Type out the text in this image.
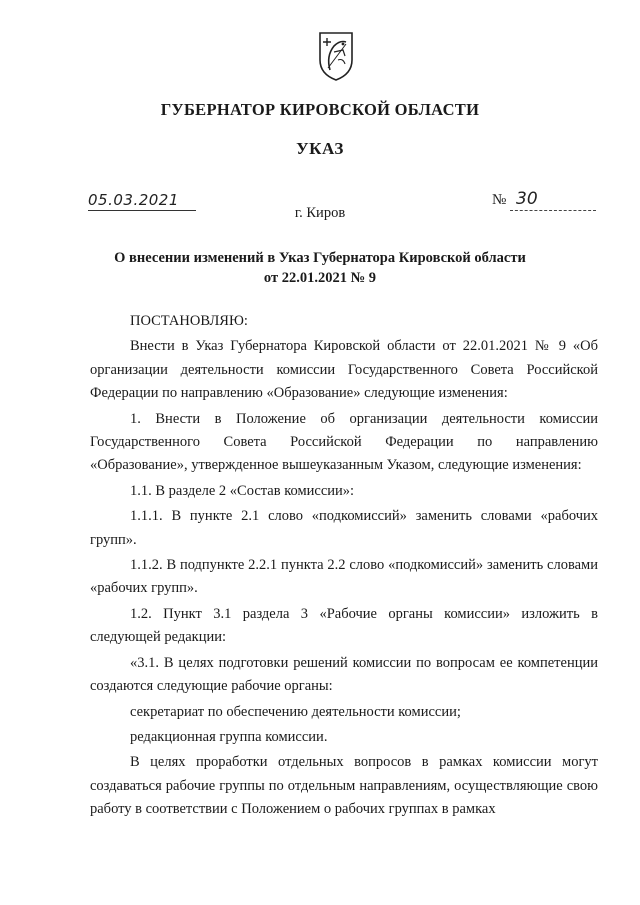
ГУБЕРНАТОР КИРОВСКОЙ ОБЛАСТИ
УКАЗ
05.03.2021	№ 30
г. Киров
О внесении изменений в Указ Губернатора Кировской области
от 22.01.2021 № 9

ПОСТАНОВЛЯЮ:

Внести в Указ Губернатора Кировской области от 22.01.2021 № 9 «Об организации деятельности комиссии Государственного Совета Российской Федерации по направлению «Образование» следующие изменения:

1. Внести в Положение об организации деятельности комиссии Государственного Совета Российской Федерации по направлению «Образование», утвержденное вышеуказанным Указом, следующие изменения:

1.1. В разделе 2 «Состав комиссии»:

1.1.1. В пункте 2.1 слово «подкомиссий» заменить словами «рабочих групп».

1.1.2. В подпункте 2.2.1 пункта 2.2 слово «подкомиссий» заменить словами «рабочих групп».

1.2. Пункт 3.1 раздела 3 «Рабочие органы комиссии» изложить в следующей редакции:

«3.1. В целях подготовки решений комиссии по вопросам ее компетенции создаются следующие рабочие органы:

секретариат по обеспечению деятельности комиссии;

редакционная группа комиссии.

В целях проработки отдельных вопросов в рамках комиссии могут создаваться рабочие группы по отдельным направлениям, осуществляющие свою работу в соответствии с Положением о рабочих группах в рамках
